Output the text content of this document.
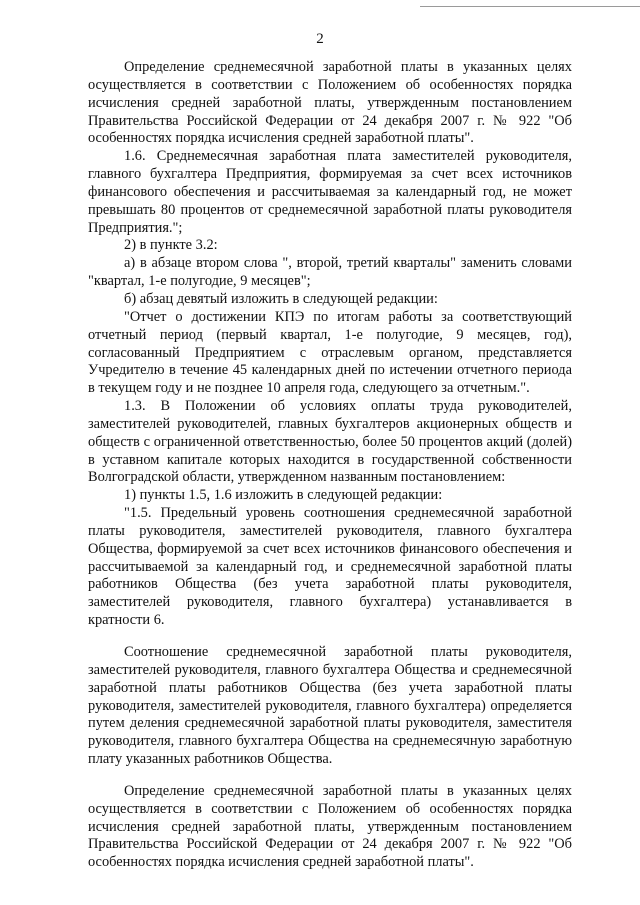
2

Определение среднемесячной заработной платы в указанных целях осуществляется в соответствии с Положением об особенностях порядка исчисления средней заработной платы, утвержденным постановлением Правительства Российской Федерации от 24 декабря 2007 г. № 922 "Об особенностях порядка исчисления средней заработной платы".

1.6. Среднемесячная заработная плата заместителей руководителя, главного бухгалтера Предприятия, формируемая за счет всех источников финансового обеспечения и рассчитываемая за календарный год, не может превышать 80 процентов от среднемесячной заработной платы руководителя Предприятия.";

2) в пункте 3.2:

а) в абзаце втором слова ", второй, третий кварталы" заменить словами "квартал, 1-е полугодие, 9 месяцев";

б) абзац девятый изложить в следующей редакции:

"Отчет о достижении КПЭ по итогам работы за соответствующий отчетный период (первый квартал, 1-е полугодие, 9 месяцев, год), согласованный Предприятием с отраслевым органом, представляется Учредителю в течение 45 календарных дней по истечении отчетного периода в текущем году и не позднее 10 апреля года, следующего за отчетным.".

1.3. В Положении об условиях оплаты труда руководителей, заместителей руководителей, главных бухгалтеров акционерных обществ и обществ с ограниченной ответственностью, более 50 процентов акций (долей) в уставном капитале которых находится в государственной собственности Волгоградской области, утвержденном названным постановлением:

1) пункты 1.5, 1.6 изложить в следующей редакции:

"1.5. Предельный уровень соотношения среднемесячной заработной платы руководителя, заместителей руководителя, главного бухгалтера Общества, формируемой за счет всех источников финансового обеспечения и рассчитываемой за календарный год, и среднемесячной заработной платы работников Общества (без учета заработной платы руководителя, заместителей руководителя, главного бухгалтера) устанавливается в кратности 6.

Соотношение среднемесячной заработной платы руководителя, заместителей руководителя, главного бухгалтера Общества и среднемесячной заработной платы работников Общества (без учета заработной платы руководителя, заместителей руководителя, главного бухгалтера) определяется путем деления среднемесячной заработной платы руководителя, заместителя руководителя, главного бухгалтера Общества на среднемесячную заработную плату указанных работников Общества.

Определение среднемесячной заработной платы в указанных целях осуществляется в соответствии с Положением об особенностях порядка исчисления средней заработной платы, утвержденным постановлением Правительства Российской Федерации от 24 декабря 2007 г. № 922 "Об особенностях порядка исчисления средней заработной платы".
